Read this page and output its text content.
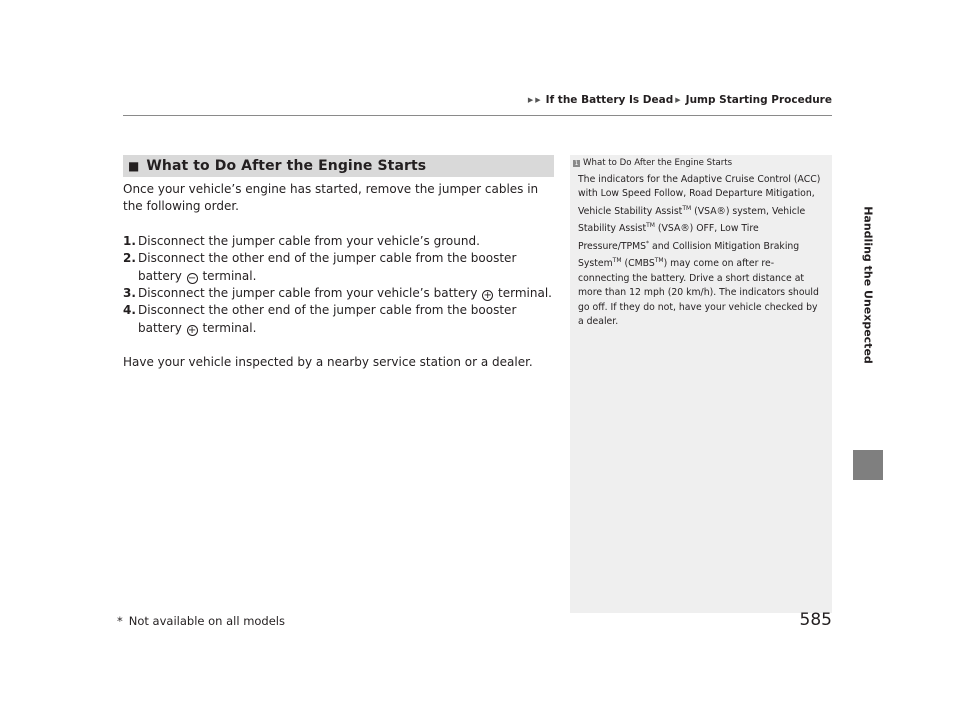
▶ ▶ If the Battery Is Dead ▶ Jump Starting Procedure
Handling the Unexpected
■ What to Do After the Engine Starts

Once your vehicle’s engine has started, remove the jumper cables in the following order.

1. Disconnect the jumper cable from your vehicle’s ground.
2. Disconnect the other end of the jumper cable from the booster battery − terminal.
3. Disconnect the jumper cable from your vehicle’s battery + terminal.
4. Disconnect the other end of the jumper cable from the booster battery + terminal.

Have your vehicle inspected by a nearby service station or a dealer.

1 What to Do After the Engine Starts
The indicators for the Adaptive Cruise Control (ACC) with Low Speed Follow, Road Departure Mitigation, Vehicle Stability Assist™ (VSA®) system, Vehicle Stability Assist™ (VSA®) OFF, Low Tire Pressure/TPMS* and Collision Mitigation Braking System™ (CMBS™) may come on after re-connecting the battery. Drive a short distance at more than 12 mph (20 km/h). The indicators should go off. If they do not, have your vehicle checked by a dealer.
* Not available on all models	585
